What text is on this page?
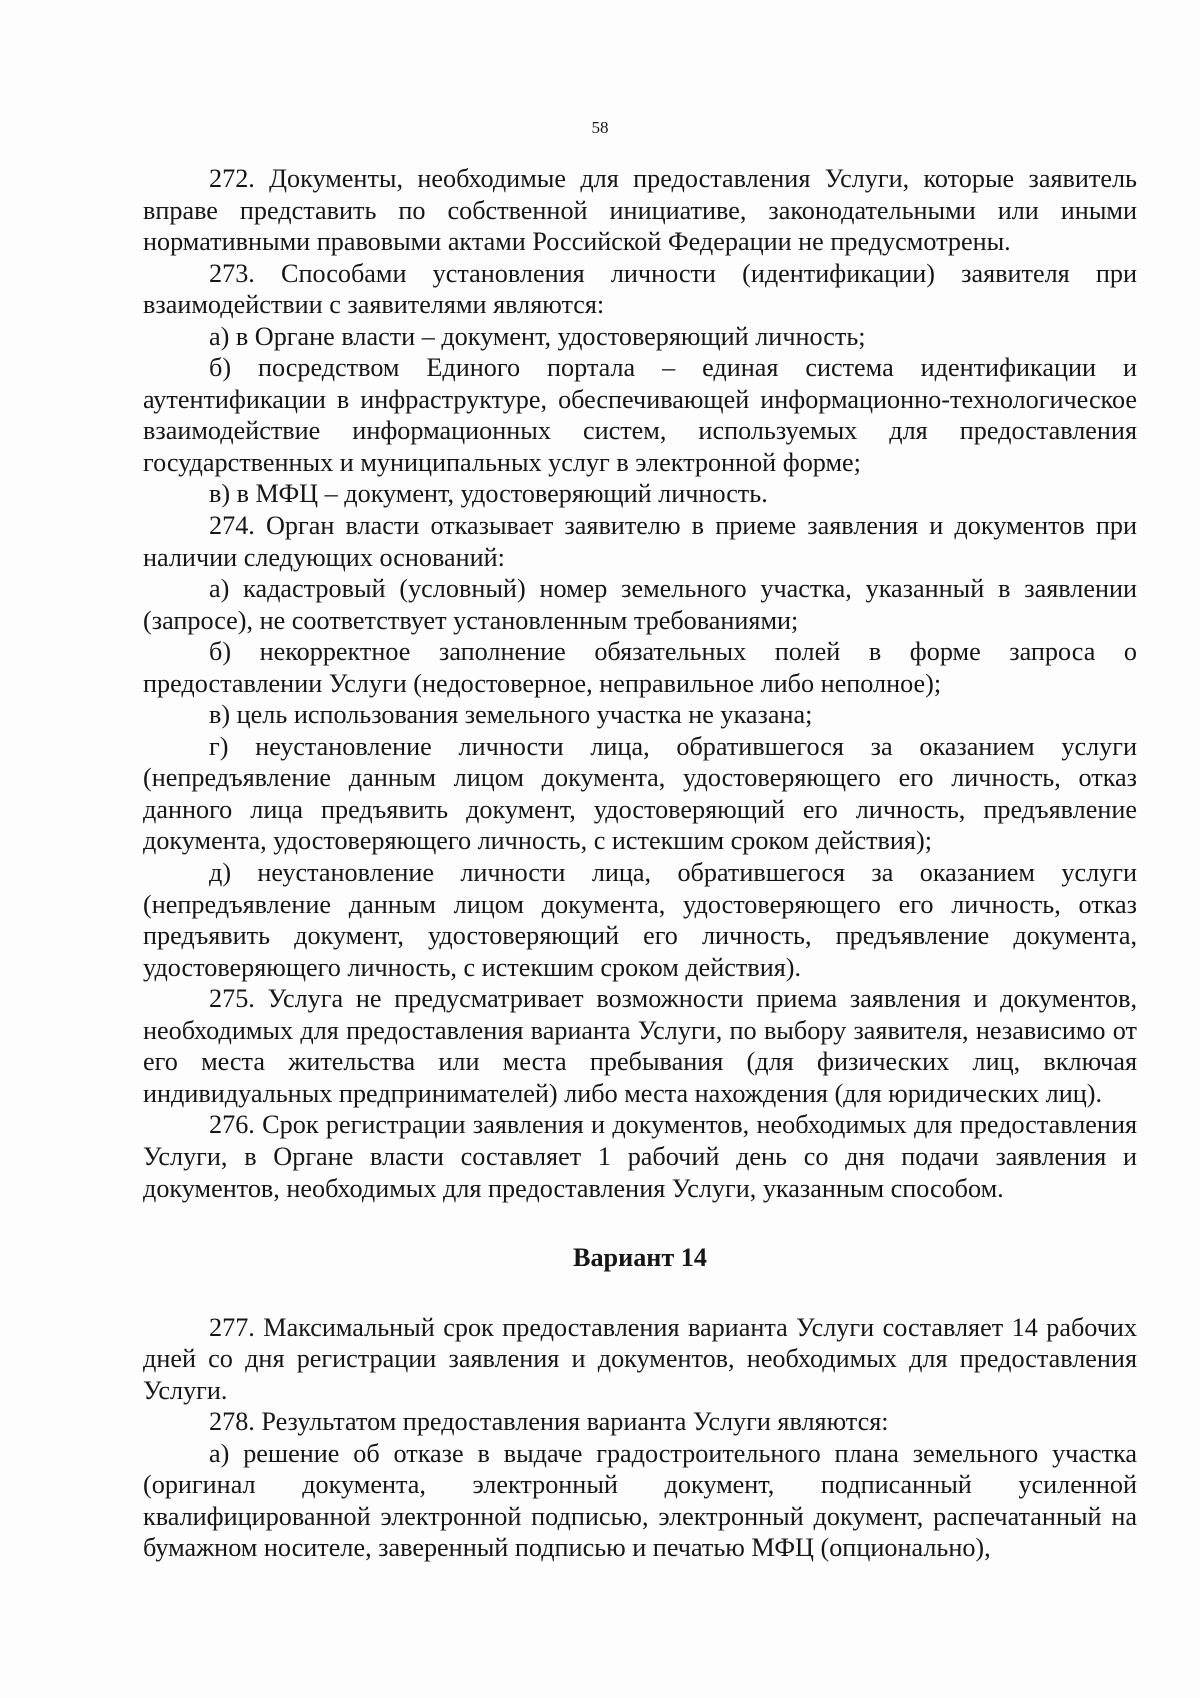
58

272. Документы, необходимые для предоставления Услуги, которые заявитель вправе представить по собственной инициативе, законодательными или иными нормативными правовыми актами Российской Федерации не предусмотрены.

273. Способами установления личности (идентификации) заявителя при взаимодействии с заявителями являются:

а) в Органе власти – документ, удостоверяющий личность;

б) посредством Единого портала – единая система идентификации и аутентификации в инфраструктуре, обеспечивающей информационно-технологическое взаимодействие информационных систем, используемых для предоставления государственных и муниципальных услуг в электронной форме;

в) в МФЦ – документ, удостоверяющий личность.

274. Орган власти отказывает заявителю в приеме заявления и документов при наличии следующих оснований:

а) кадастровый (условный) номер земельного участка, указанный в заявлении (запросе), не соответствует установленным требованиями;

б) некорректное заполнение обязательных полей в форме запроса о предоставлении Услуги (недостоверное, неправильное либо неполное);

в) цель использования земельного участка не указана;

г) неустановление личности лица, обратившегося за оказанием услуги (непредъявление данным лицом документа, удостоверяющего его личность, отказ данного лица предъявить документ, удостоверяющий его личность, предъявление документа, удостоверяющего личность, с истекшим сроком действия);

д) неустановление личности лица, обратившегося за оказанием услуги (непредъявление данным лицом документа, удостоверяющего его личность, отказ предъявить документ, удостоверяющий его личность, предъявление документа, удостоверяющего личность, с истекшим сроком действия).

275. Услуга не предусматривает возможности приема заявления и документов, необходимых для предоставления варианта Услуги, по выбору заявителя, независимо от его места жительства или места пребывания (для физических лиц, включая индивидуальных предпринимателей) либо места нахождения (для юридических лиц).

276. Срок регистрации заявления и документов, необходимых для предоставления Услуги, в Органе власти составляет 1 рабочий день со дня подачи заявления и документов, необходимых для предоставления Услуги, указанным способом.

Вариант 14

277. Максимальный срок предоставления варианта Услуги составляет 14 рабочих дней со дня регистрации заявления и документов, необходимых для предоставления Услуги.

278. Результатом предоставления варианта Услуги являются:

а) решение об отказе в выдаче градостроительного плана земельного участка (оригинал документа, электронный документ, подписанный усиленной квалифицированной электронной подписью, электронный документ, распечатанный на бумажном носителе, заверенный подписью и печатью МФЦ (опционально),
